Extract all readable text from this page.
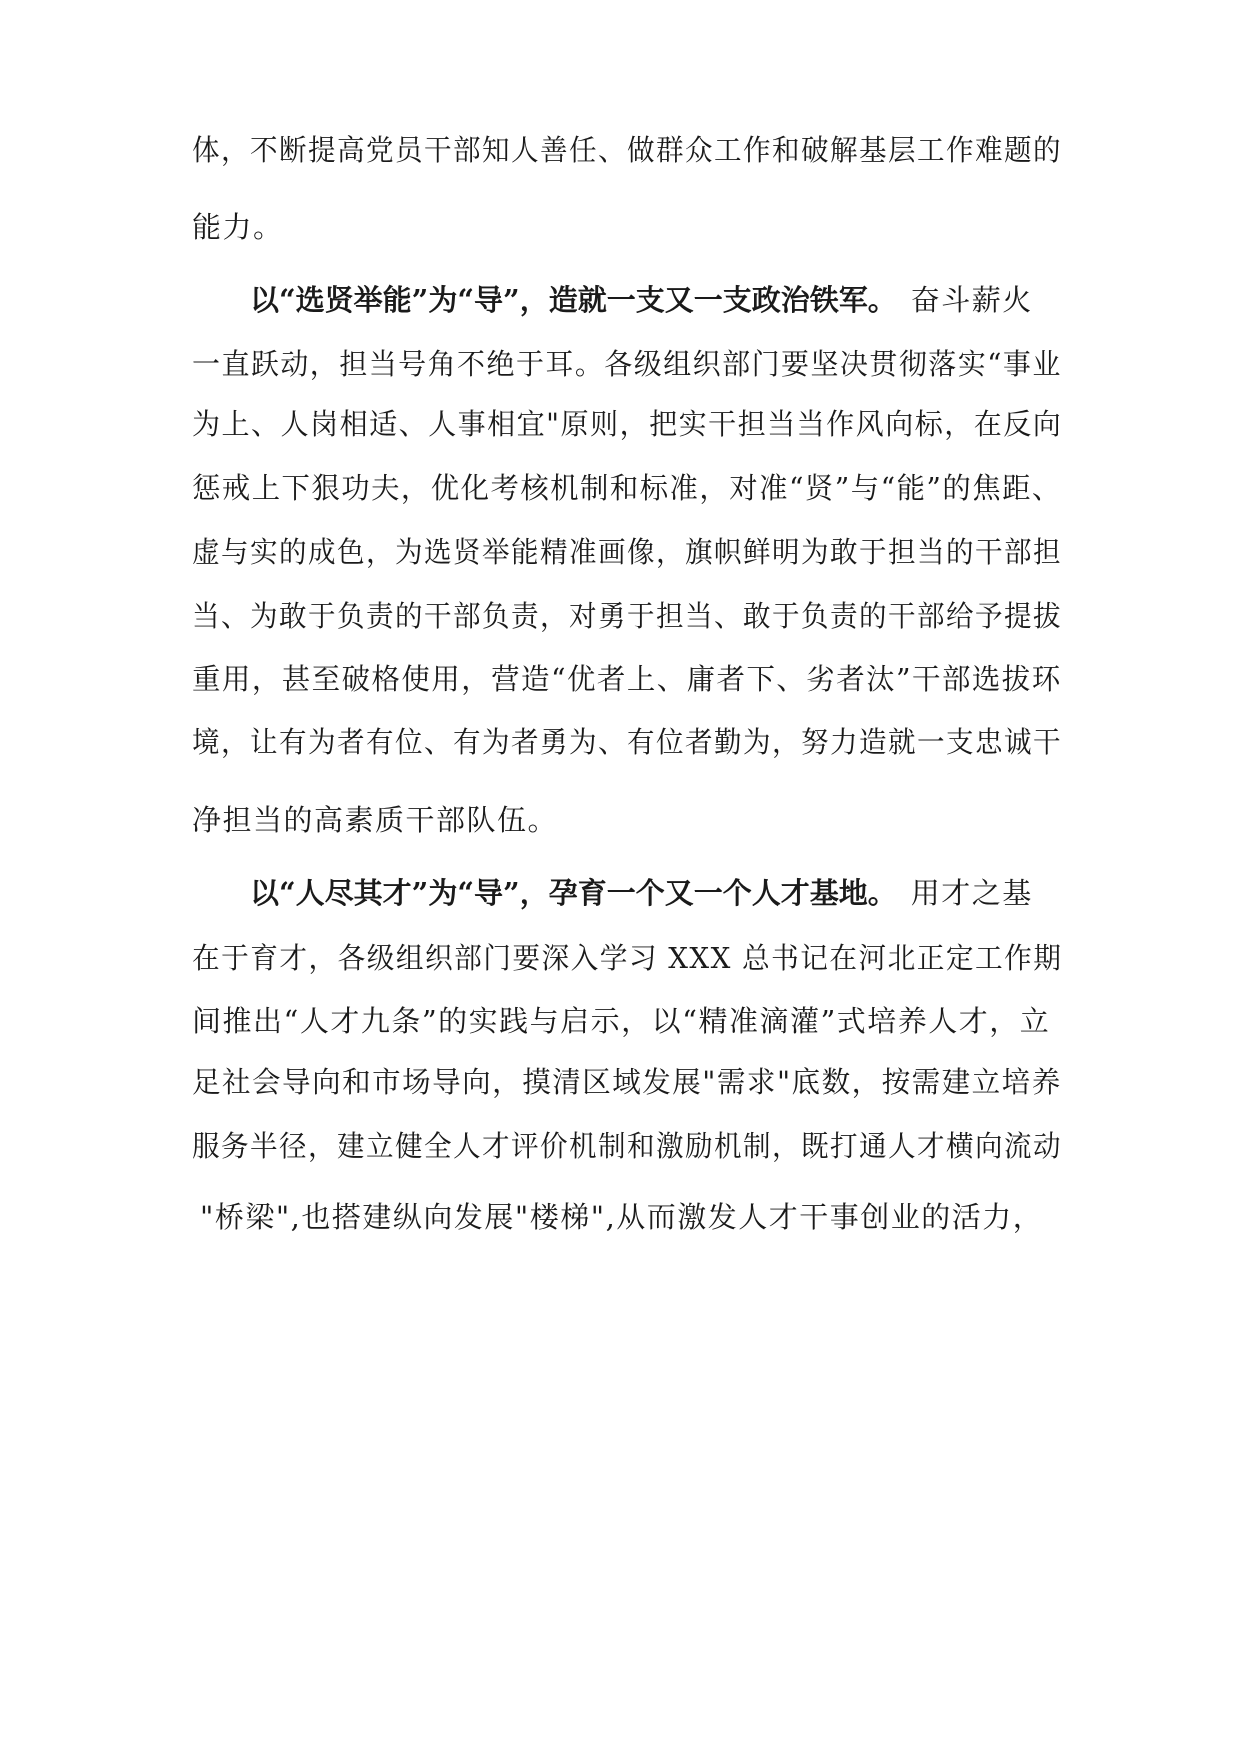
体，不断提高党员干部知人善任、做群众工作和破解基层工作难题的
能力。
以“选贤举能”为“导”，造就一支又一支政治铁军。 奋斗薪火
一直跃动，担当号角不绝于耳。各级组织部门要坚决贯彻落实“事业
为上、人岗相适、人事相宜"原则，把实干担当当作风向标，在反向
惩戒上下狠功夫，优化考核机制和标准，对准“贤”与“能”的焦距、
虚与实的成色，为选贤举能精准画像，旗帜鲜明为敢于担当的干部担
当、为敢于负责的干部负责，对勇于担当、敢于负责的干部给予提拔
重用，甚至破格使用，营造“优者上、庸者下、劣者汰”干部选拔环
境，让有为者有位、有为者勇为、有位者勤为，努力造就一支忠诚干
净担当的高素质干部队伍。
以“人尽其才”为“导”，孕育一个又一个人才基地。 用才之基
在于育才，各级组织部门要深入学习 XXX 总书记在河北正定工作期
间推出“人才九条”的实践与启示，以“精准滴灌”式培养人才，立
足社会导向和市场导向，摸清区域发展"需求"底数，按需建立培养
服务半径，建立健全人才评价机制和激励机制，既打通人才横向流动
"桥梁",也搭建纵向发展"楼梯",从而激发人才干事创业的活力，
